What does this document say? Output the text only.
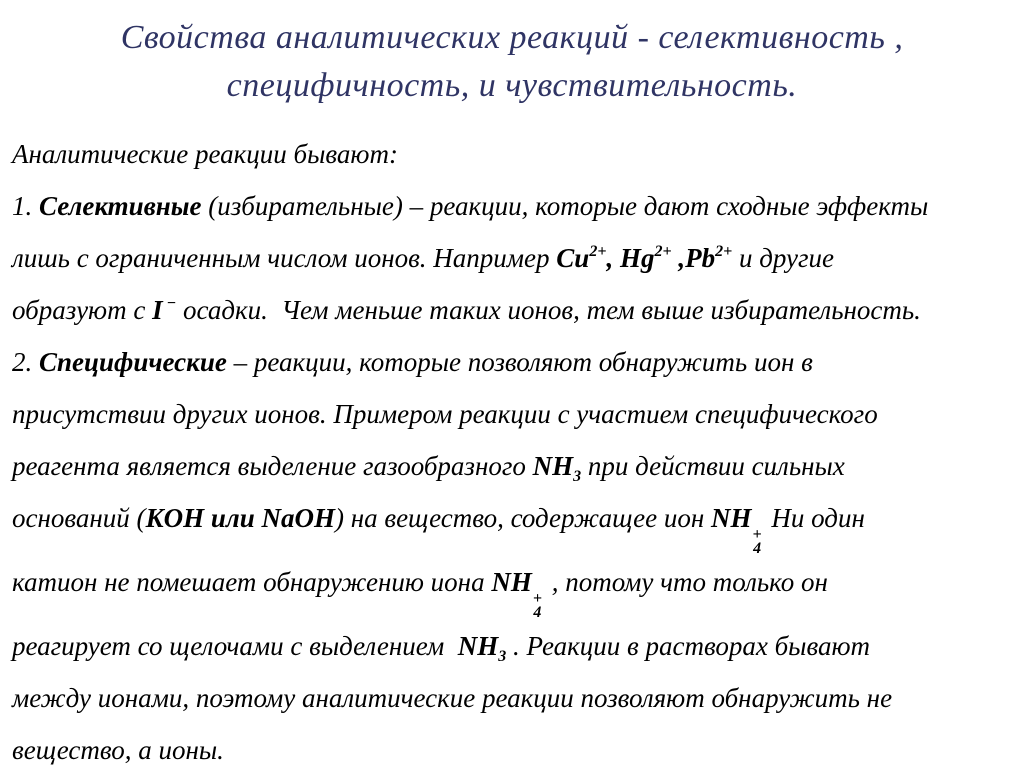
Свойства аналитических реакций - селективность ,
специфичность, и чувствительность.
Аналитические реакции бывают:
1. Селективные (избирательные) – реакции, которые дают сходные эффекты
лишь с ограниченным числом ионов. Например $Cu^{2+}$, $Hg^{2+}$ $,Pb^{2+}$ и другие
образуют с I − осадки.  Чем меньше таких ионов, тем выше избирательность.
2. Специфические – реакции, которые позволяют обнаружить ион в
присутствии других ионов. Примером реакции с участием специфического
реагента является выделение газообразного $NH_3$ при действии сильных
оснований (KOH или NaOH) на вещество, содержащее ион NH
+
4
Ни один
катион не помешает обнаружению иона NH
+
4
, потому что только он
реагирует со щелочами с выделением  $NH_3$ . Реакции в растворах бывают
между ионами, поэтому аналитические реакции позволяют обнаружить не
вещество, а ионы.
